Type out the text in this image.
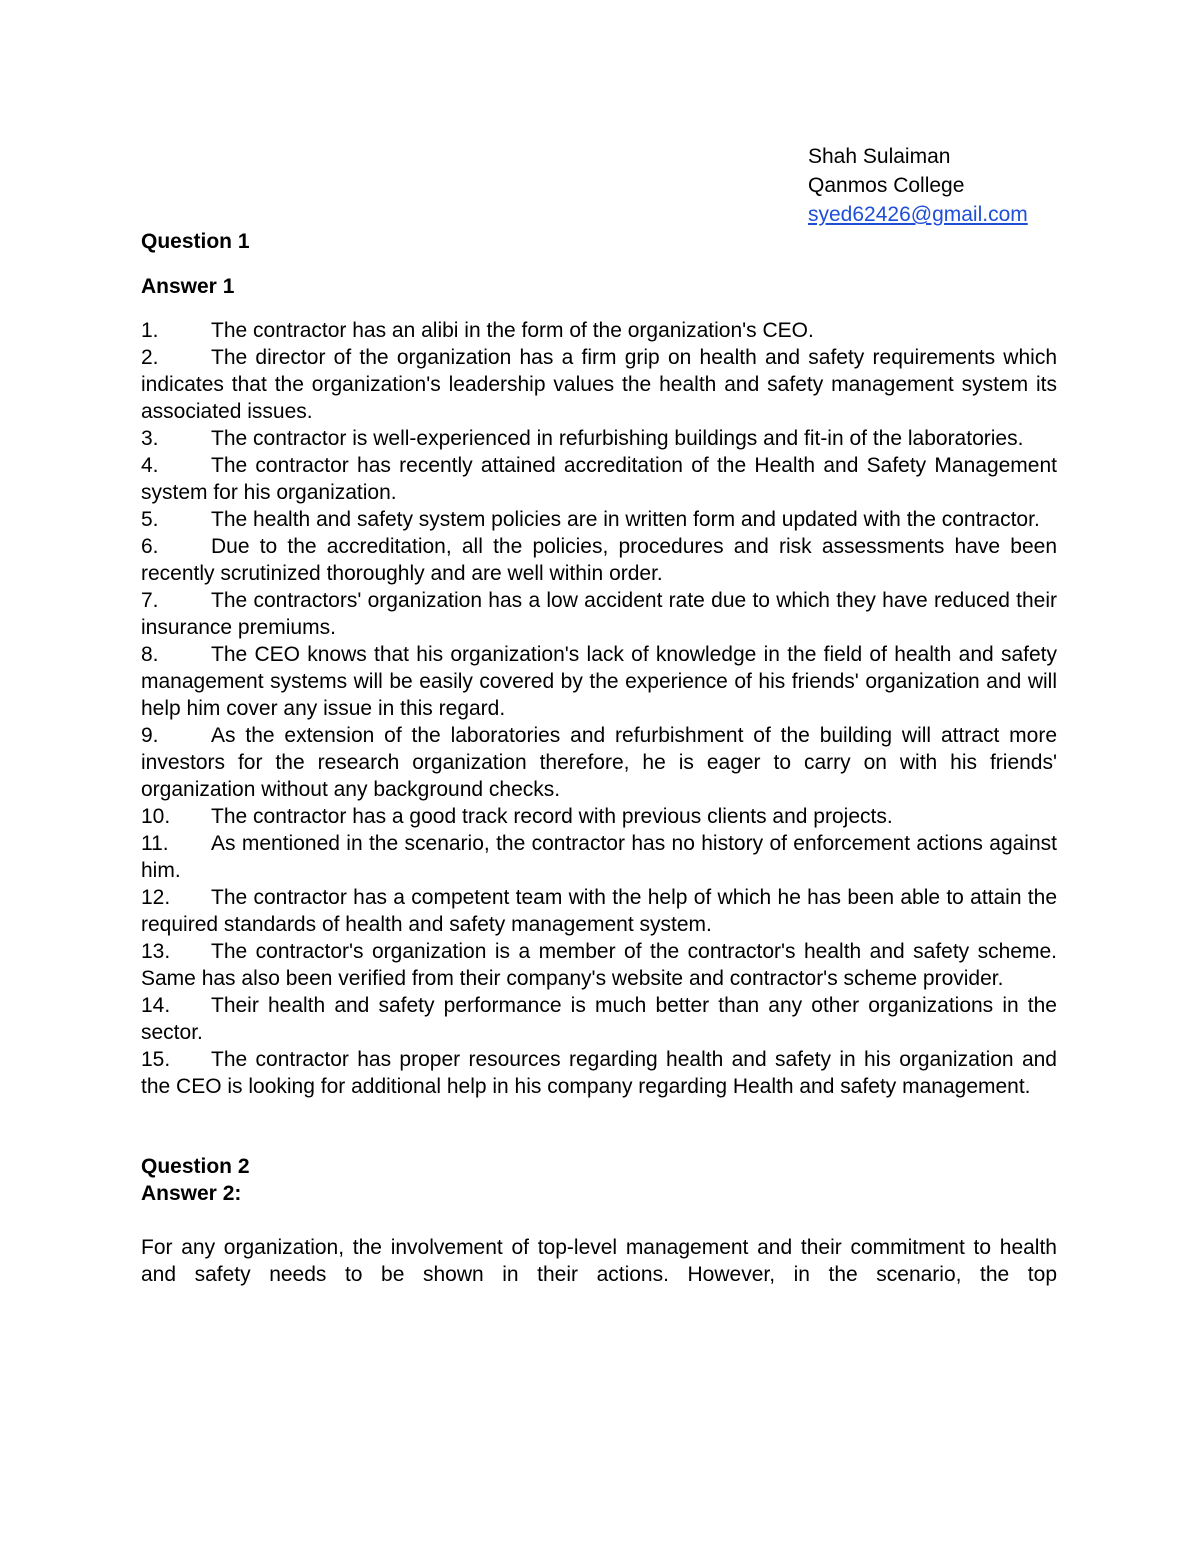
Shah Sulaiman
Qanmos College
syed62426@gmail.com

Question 1

Answer 1

1. The contractor has an alibi in the form of the organization's CEO.
2. The director of the organization has a firm grip on health and safety requirements which indicates that the organization's leadership values the health and safety management system its associated issues.
3. The contractor is well-experienced in refurbishing buildings and fit-in of the laboratories.
4. The contractor has recently attained accreditation of the Health and Safety Management system for his organization.
5. The health and safety system policies are in written form and updated with the contractor.
6. Due to the accreditation, all the policies, procedures and risk assessments have been recently scrutinized thoroughly and are well within order.
7. The contractors' organization has a low accident rate due to which they have reduced their insurance premiums.
8. The CEO knows that his organization's lack of knowledge in the field of health and safety management systems will be easily covered by the experience of his friends' organization and will help him cover any issue in this regard.
9. As the extension of the laboratories and refurbishment of the building will attract more investors for the research organization therefore, he is eager to carry on with his friends' organization without any background checks.
10. The contractor has a good track record with previous clients and projects.
11. As mentioned in the scenario, the contractor has no history of enforcement actions against him.
12. The contractor has a competent team with the help of which he has been able to attain the required standards of health and safety management system.
13. The contractor's organization is a member of the contractor's health and safety scheme. Same has also been verified from their company's website and contractor's scheme provider.
14. Their health and safety performance is much better than any other organizations in the sector.
15. The contractor has proper resources regarding health and safety in his organization and the CEO is looking for additional help in his company regarding Health and safety management.

Question 2

Answer 2:

For any organization, the involvement of top-level management and their commitment to health and safety needs to be shown in their actions. However, in the scenario, the top
